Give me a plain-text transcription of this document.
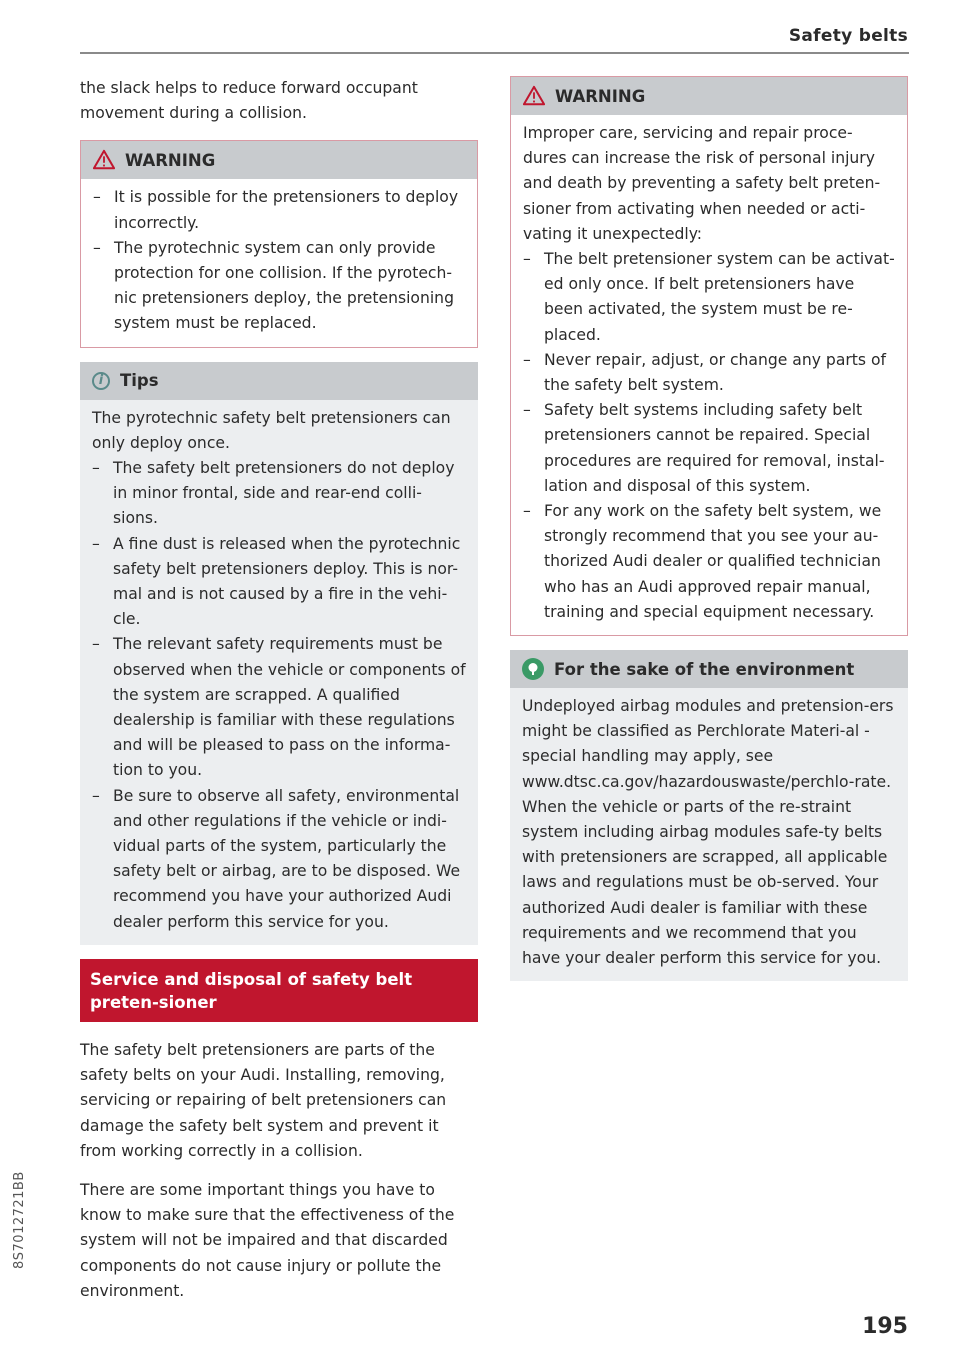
Safety belts

the slack helps to reduce forward occupant movement during a collision.

WARNING
– It is possible for the pretensioners to deploy incorrectly.
– The pyrotechnic system can only provide protection for one collision. If the pyrotech-nic pretensioners deploy, the pretensioning system must be replaced.
i	Tips

The pyrotechnic safety belt pretensioners can only deploy once.

– The safety belt pretensioners do not deploy in minor frontal, side and rear-end colli-sions.
– A fine dust is released when the pyrotechnic safety belt pretensioners deploy. This is nor-mal and is not caused by a fire in the vehi-cle.
– The relevant safety requirements must be observed when the vehicle or components of the system are scrapped. A qualified dealership is familiar with these regulations and will be pleased to pass on the informa-tion to you.
– Be sure to observe all safety, environmental and other regulations if the vehicle or indi-vidual parts of the system, particularly the safety belt or airbag, are to be disposed. We recommend you have your authorized Audi dealer perform this service for you.
Service and disposal of safety belt preten-sioner

The safety belt pretensioners are parts of the safety belts on your Audi. Installing, removing, servicing or repairing of belt pretensioners can damage the safety belt system and prevent it from working correctly in a collision.

There are some important things you have to know to make sure that the effectiveness of the system will not be impaired and that discarded components do not cause injury or pollute the environment.

WARNING

Improper care, servicing and repair proce-dures can increase the risk of personal injury and death by preventing a safety belt preten-sioner from activating when needed or acti-vating it unexpectedly:

– The belt pretensioner system can be activat-ed only once. If belt pretensioners have been activated, the system must be re-placed.
– Never repair, adjust, or change any parts of the safety belt system.
– Safety belt systems including safety belt pretensioners cannot be repaired. Special procedures are required for removal, instal-lation and disposal of this system.
– For any work on the safety belt system, we strongly recommend that you see your au-thorized Audi dealer or qualified technician who has an Audi approved repair manual, training and special equipment necessary.
For the sake of the environment

Undeployed airbag modules and pretension-ers might be classified as Perchlorate Materi-al -special handling may apply, see www.dtsc.ca.gov/hazardouswaste/perchlo-rate. When the vehicle or parts of the re-straint system including airbag modules safe-ty belts with pretensioners are scrapped, all applicable laws and regulations must be ob-served. Your authorized Audi dealer is familiar with these requirements and we recommend that you have your dealer perform this service for you.

8S7012721BB
195
